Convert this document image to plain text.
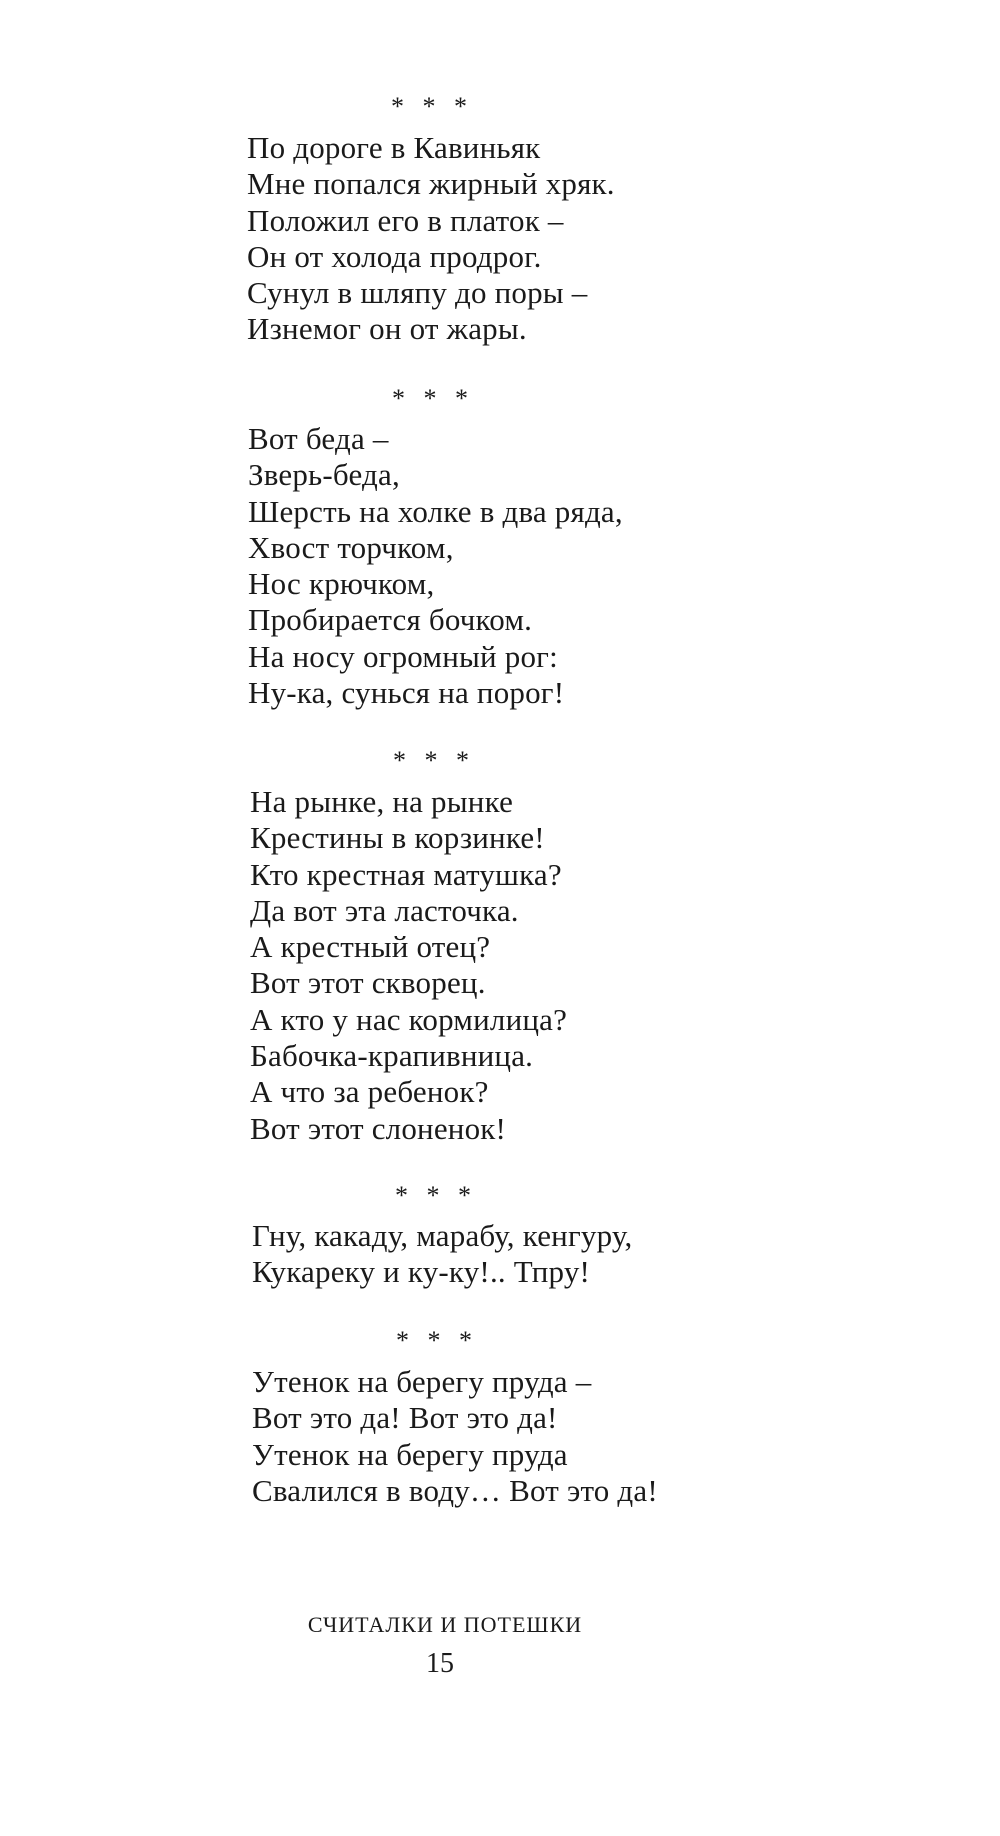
* * *
По дороге в Кавиньяк
Мне попался жирный хряк.
Положил его в платок –
Он от холода продрог.
Сунул в шляпу до поры –
Изнемог он от жары.
* * *
Вот беда –
Зверь-беда,
Шерсть на холке в два ряда,
Хвост торчком,
Нос крючком,
Пробирается бочком.
На носу огромный рог:
Ну-ка, сунься на порог!
* * *
На рынке, на рынке
Крестины в корзинке!
Кто крестная матушка?
Да вот эта ласточка.
А крестный отец?
Вот этот скворец.
А кто у нас кормилица?
Бабочка-крапивница.
А что за ребенок?
Вот этот слоненок!
* * *
Гну, какаду, марабу, кенгуру,
Кукареку и ку-ку!.. Тпру!
* * *
Утенок на берегу пруда –
Вот это да! Вот это да!
Утенок на берегу пруда
Свалился в воду… Вот это да!
СЧИТАЛКИ И ПОТЕШКИ
15
